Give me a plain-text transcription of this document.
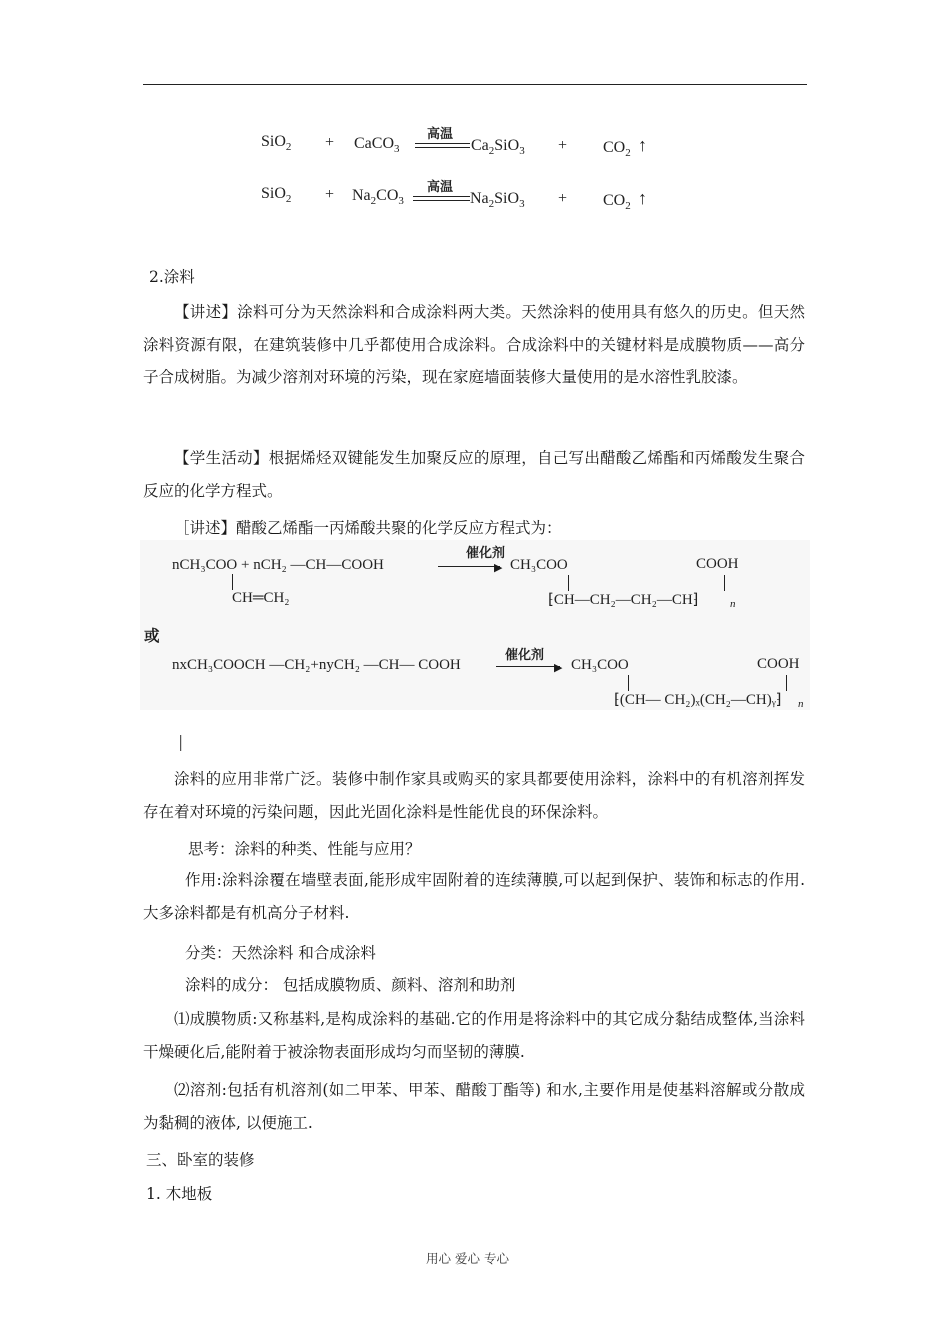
SiO$_2$ + CaCO$_3$
高温
$Ca_2SiO_3 + CO_2$ ↑
$SiO_2 + Na_2CO_3$
高温
$Na_2SiO_3 + CO_2$ ↑
2.涂料
【讲述】涂料可分为天然涂料和合成涂料两大类。天然涂料的使用具有悠久的历史。但天然涂料资源有限，在建筑装修中几乎都使用合成涂料。合成涂料中的关键材料是成膜物质——高分子合成树脂。为减少溶剂对环境的污染，现在家庭墙面装修大量使用的是水溶性乳胶漆。
【学生活动】根据烯烃双键能发生加聚反应的原理，自己写出醋酸乙烯酯和丙烯酸发生聚合反应的化学方程式。
［讲述】醋酸乙烯酯一丙烯酸共聚的化学反应方程式为：
nCH₃COO + nCH₂ —CH—COOH
CH═CH₂
催化剂
▶ CH₃COO	COOH
⁅CH—CH₂—CH₂—CH⁆	n
或
nxCH₃COOCH —CH₂+nyCH₂ —CH— COOH
催化剂
▶ CH₃COO	COOH
⁅(CH— CH₂)ₓ(CH₂—CH)ᵧ⁆ n
|
涂料的应用非常广泛。装修中制作家具或购买的家具都要使用涂料，涂料中的有机溶剂挥发存在着对环境的污染问题，因此光固化涂料是性能优良的环保涂料。
思考：涂料的种类、性能与应用？
作用:涂料涂覆在墙壁表面,能形成牢固附着的连续薄膜,可以起到保护、装饰和标志的作用.大多涂料都是有机高分子材料.
分类：天然涂料 和合成涂料
涂料的成分： 包括成膜物质、颜料、溶剂和助剂
⑴成膜物质:又称基料,是构成涂料的基础.它的作用是将涂料中的其它成分黏结成整体,当涂料干燥硬化后,能附着于被涂物表面形成均匀而坚韧的薄膜.
⑵溶剂:包括有机溶剂(如二甲苯、甲苯、醋酸丁酯等) 和水,主要作用是使基料溶解或分散成为黏稠的液体, 以便施工.
三、卧室的装修
1. 木地板
用心 爱心 专心
